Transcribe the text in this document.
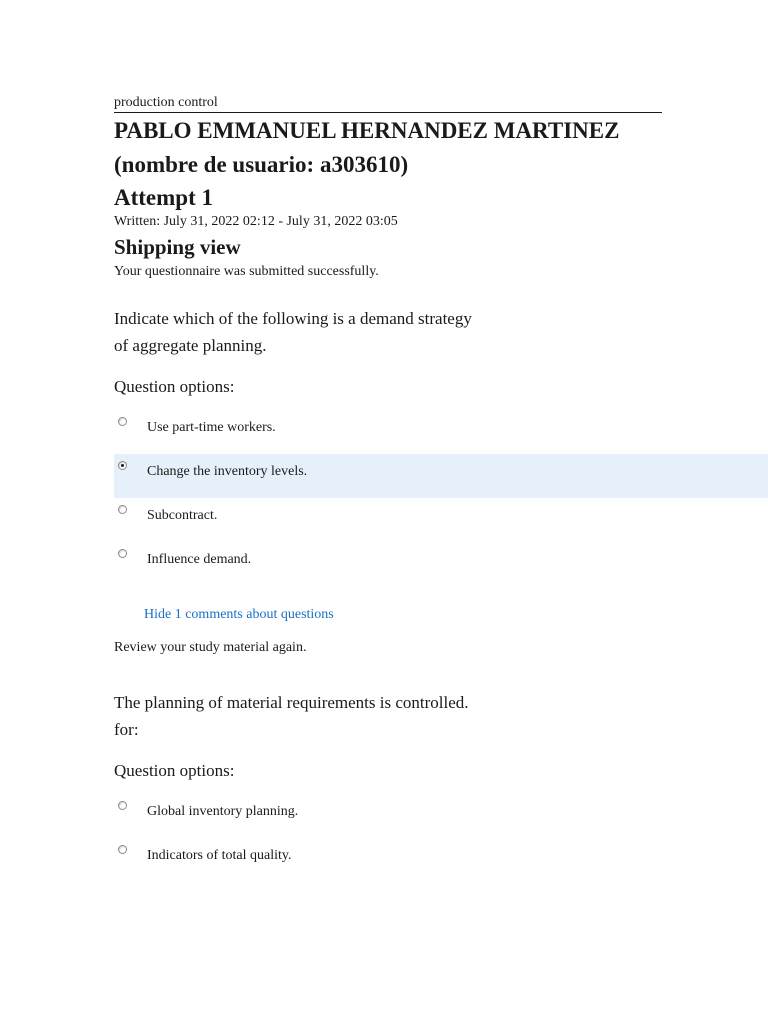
production control
PABLO EMMANUEL HERNANDEZ MARTINEZ
(nombre de usuario: a303610)
Attempt 1
Written: July 31, 2022 02:12 - July 31, 2022 03:05
Shipping view
Your questionnaire was submitted successfully.
Indicate which of the following is a demand strategy
of aggregate planning.
Question options:
Use part-time workers.
Change the inventory levels.
Subcontract.
Influence demand.
Hide 1 comments about questions
Review your study material again.
The planning of material requirements is controlled.
for:
Question options:
Global inventory planning.
Indicators of total quality.
